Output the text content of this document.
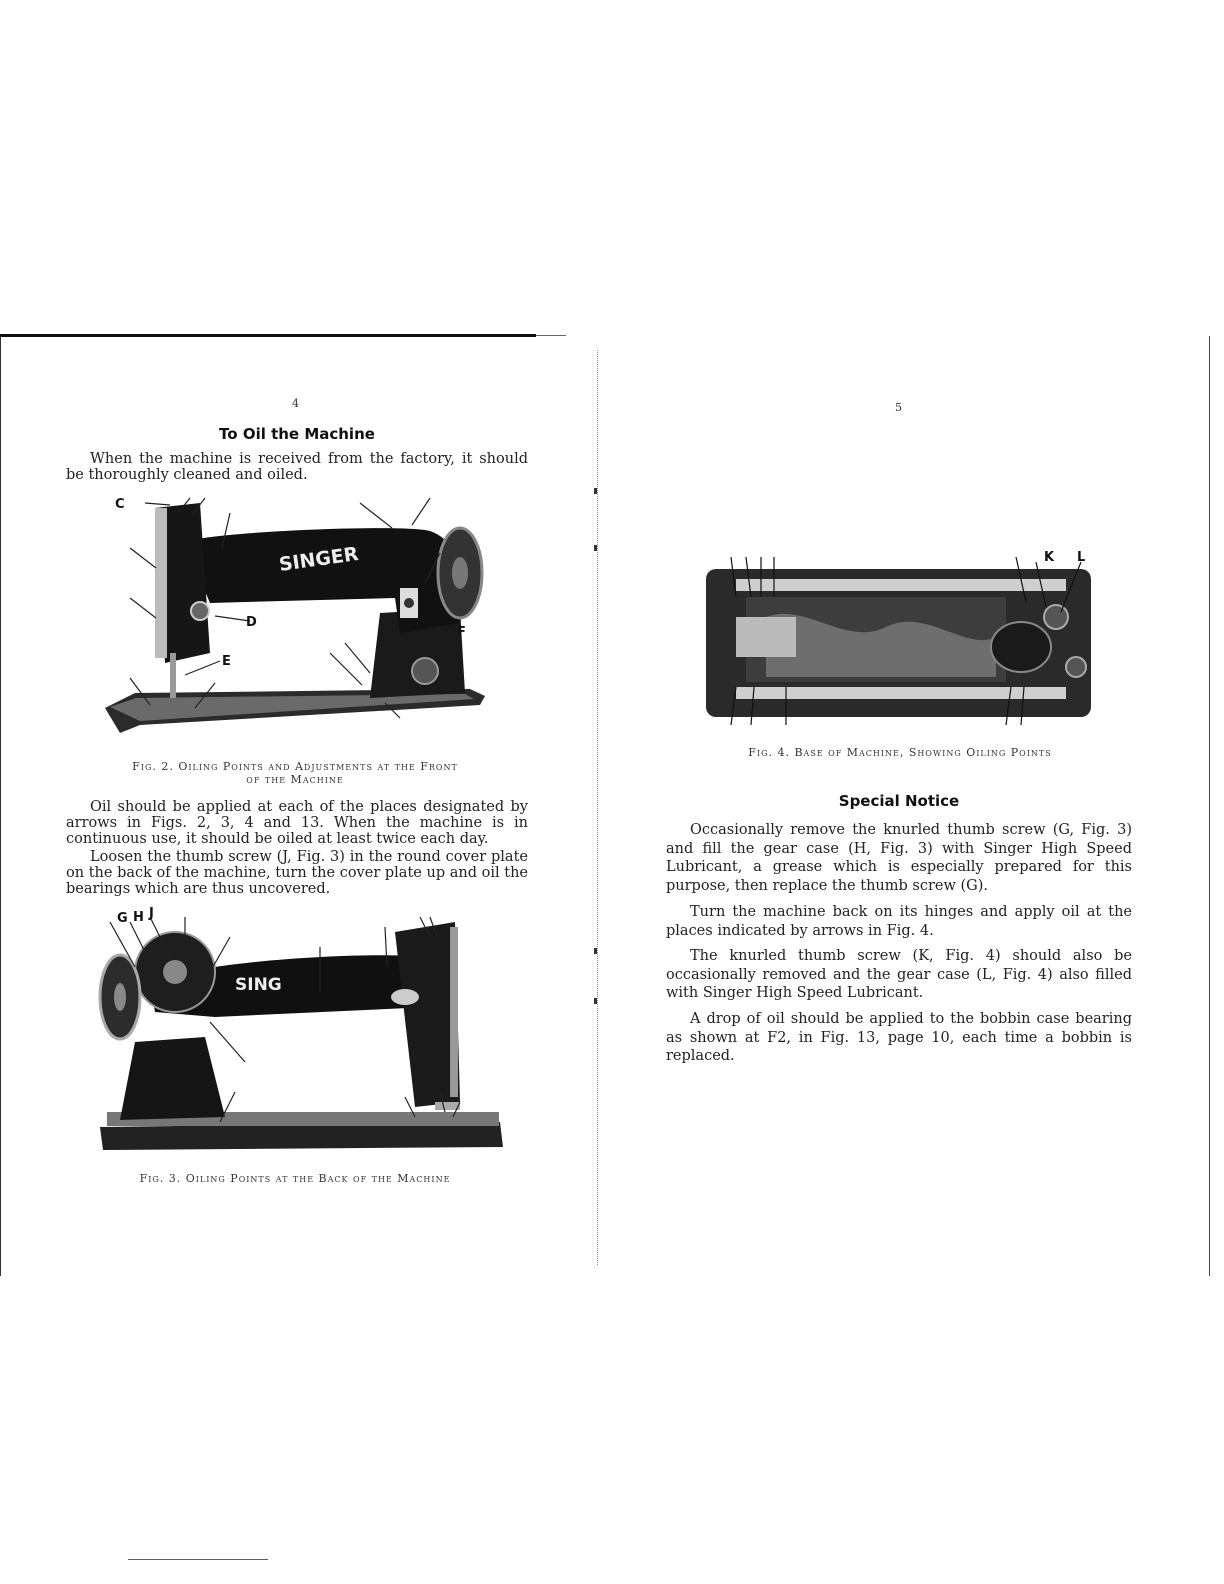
4
To Oil the Machine

When the machine is received from the factory, it should be thoroughly cleaned and oiled.

SINGER
C
D
E
F
Fig. 2. Oiling Points and Adjustments at the Front
of the Machine

Oil should be applied at each of the places designated by arrows in Figs. 2, 3, 4 and 13. When the machine is in continuous use, it should be oiled at least twice each day.

Loosen the thumb screw (J, Fig. 3) in the round cover plate on the back of the machine, turn the cover plate up and oil the bearings which are thus uncovered.

SING
G H J
Fig. 3. Oiling Points at the Back of the Machine
5
K L
Fig. 4. Base of Machine, Showing Oiling Points
Special Notice

Occasionally remove the knurled thumb screw (G, Fig. 3) and fill the gear case (H, Fig. 3) with Singer High Speed Lubricant, a grease which is especially prepared for this purpose, then replace the thumb screw (G).

Turn the machine back on its hinges and apply oil at the places indicated by arrows in Fig. 4.

The knurled thumb screw (K, Fig. 4) should also be occasionally removed and the gear case (L, Fig. 4) also filled with Singer High Speed Lubricant.

A drop of oil should be applied to the bobbin case bearing as shown at F2, in Fig. 13, page 10, each time a bobbin is replaced.
